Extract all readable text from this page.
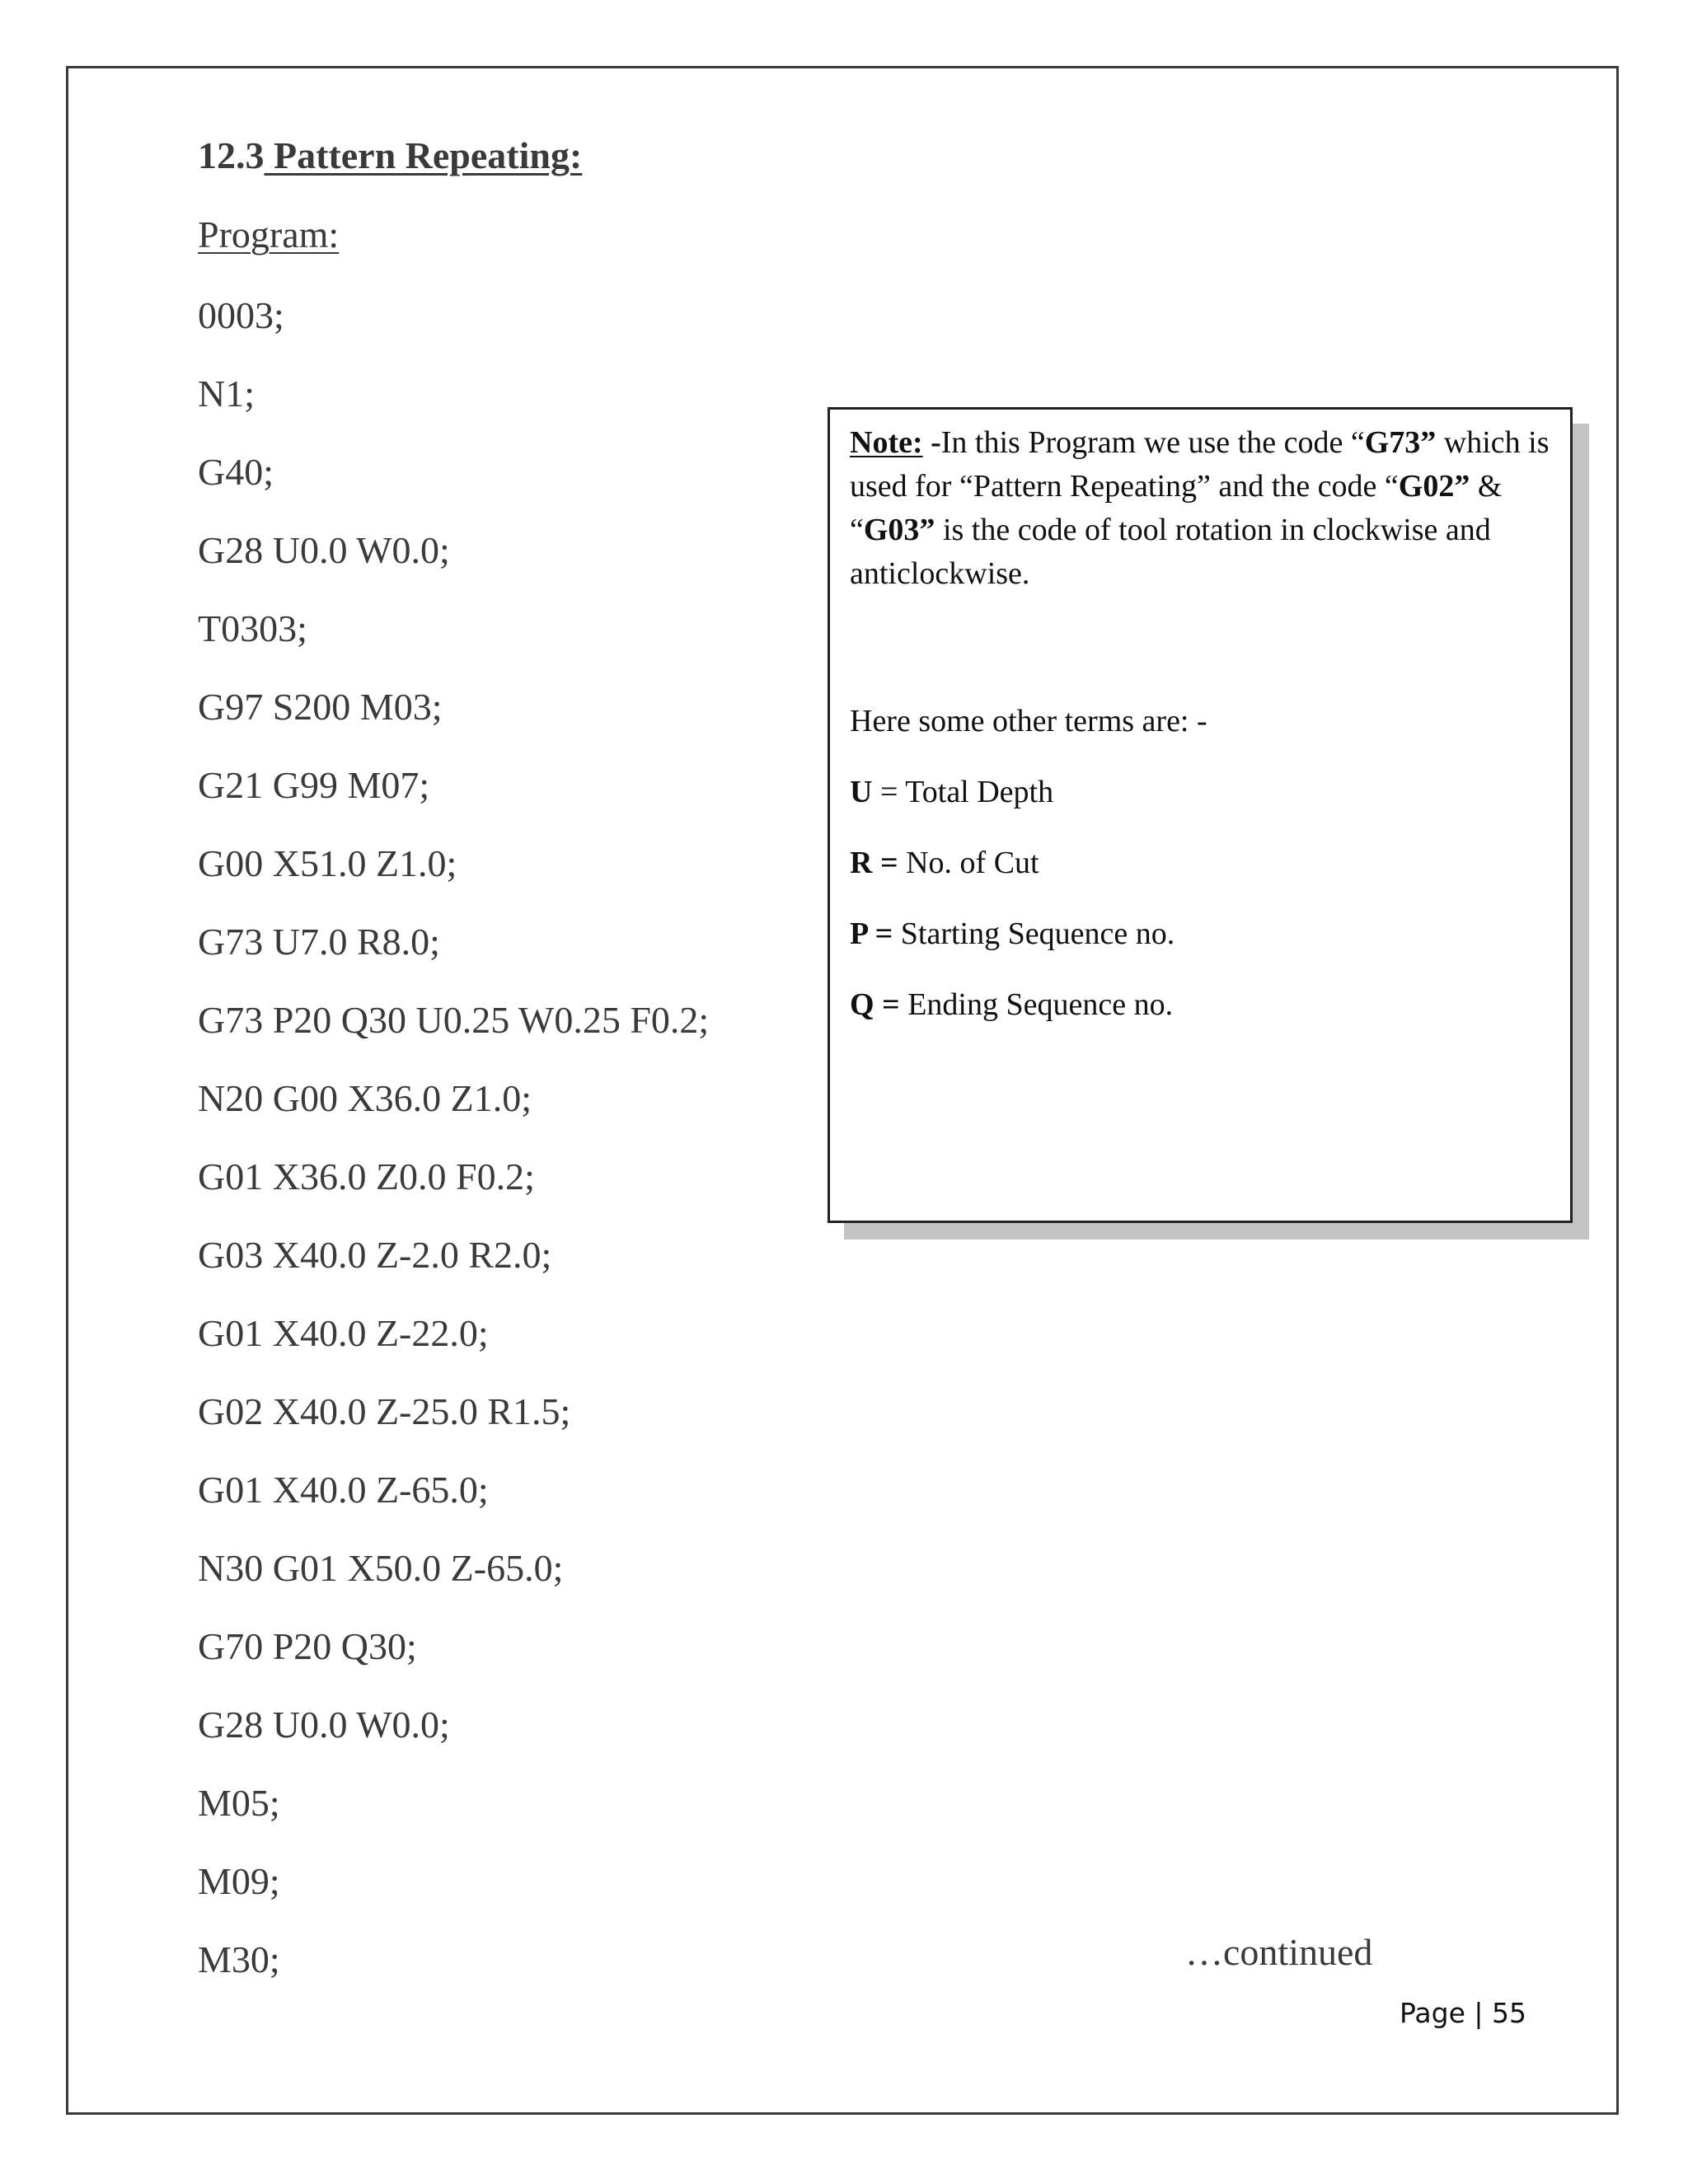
12.3 Pattern Repeating:
Program:
0003;
N1;
G40;
G28 U0.0 W0.0;
T0303;
G97 S200 M03;
G21 G99 M07;
G00 X51.0 Z1.0;
G73 U7.0 R8.0;
G73 P20 Q30 U0.25 W0.25 F0.2;
N20 G00 X36.0 Z1.0;
G01 X36.0 Z0.0 F0.2;
G03 X40.0 Z-2.0 R2.0;
G01 X40.0 Z-22.0;
G02 X40.0 Z-25.0 R1.5;
G01 X40.0 Z-65.0;
N30 G01 X50.0 Z-65.0;
G70 P20 Q30;
G28 U0.0 W0.0;
M05;
M09;
M30;

Note: -In this Program we use the code “G73” which is used for “Pattern Repeating” and the code “G02” & “G03” is the code of tool rotation in clockwise and anticlockwise.

Here some other terms are: -

U = Total Depth

R = No. of Cut

P = Starting Sequence no.

Q = Ending Sequence no.

…continued
Page | 55
